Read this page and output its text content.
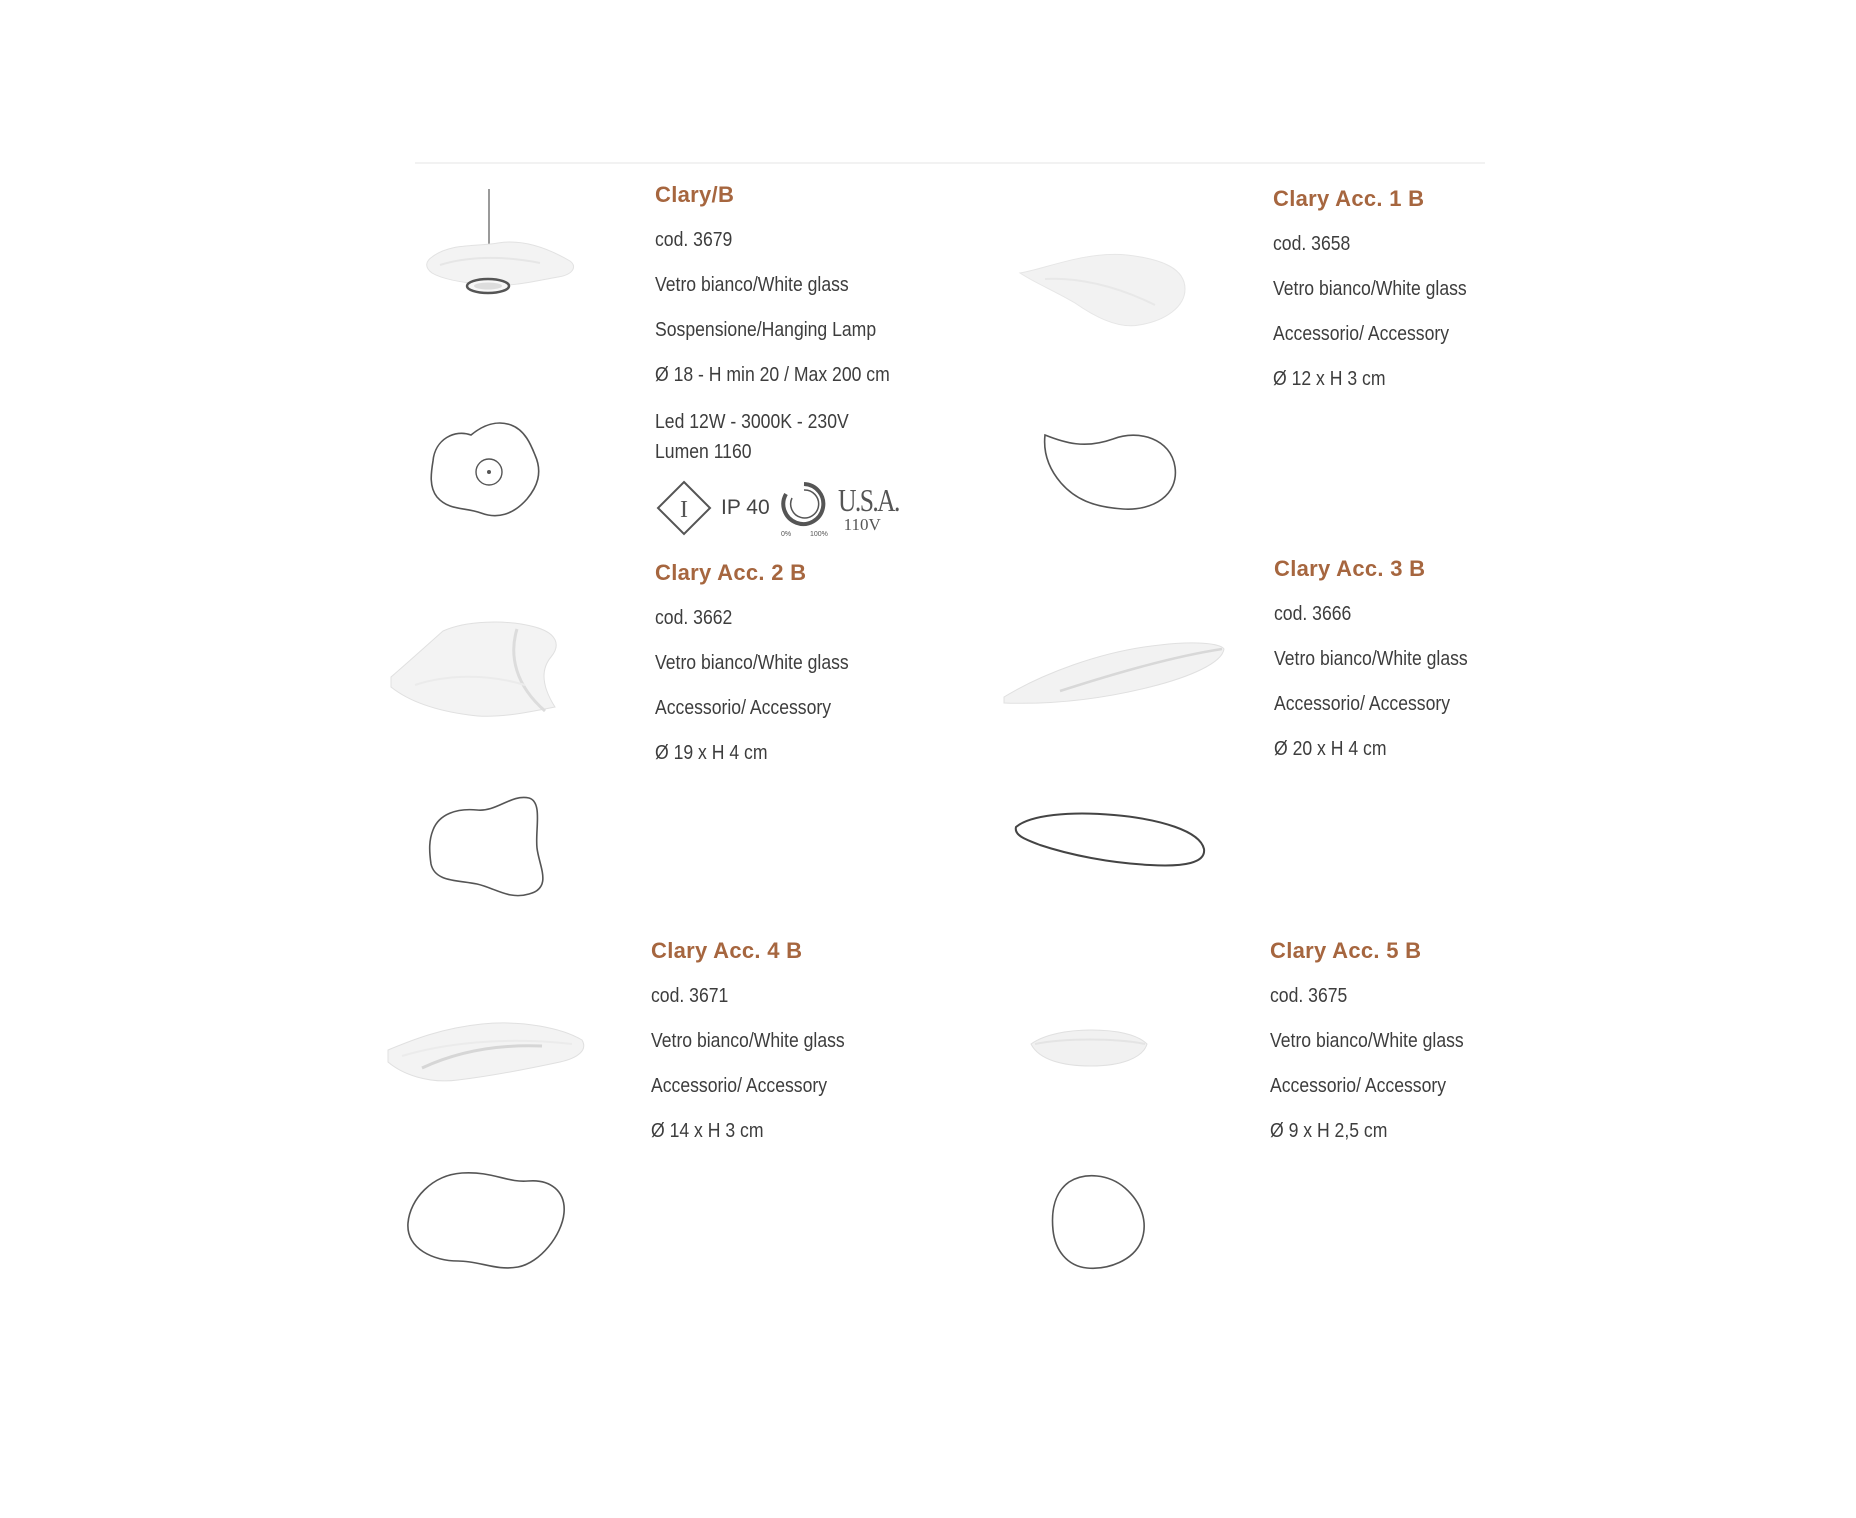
Clary/B
cod. 3679
Vetro bianco/White glass
Sospensione/Hanging Lamp
Ø 18 - H min 20 / Max 200 cm
Led 12W - 3000K - 230V
Lumen 1160
I IP 40
0%	100%
U.S.A.
110V
Clary Acc. 1 B
cod. 3658
Vetro bianco/White glass
Accessorio/ Accessory
Ø 12 x H 3 cm
Clary Acc. 2 B
cod. 3662
Vetro bianco/White glass
Accessorio/ Accessory
Ø 19 x H 4 cm
Clary Acc. 3 B
cod. 3666
Vetro bianco/White glass
Accessorio/ Accessory
Ø 20 x H 4 cm
Clary Acc. 4 B
cod. 3671
Vetro bianco/White glass
Accessorio/ Accessory
Ø 14 x H 3 cm
Clary Acc. 5 B
cod. 3675
Vetro bianco/White glass
Accessorio/ Accessory
Ø 9 x H 2,5 cm
